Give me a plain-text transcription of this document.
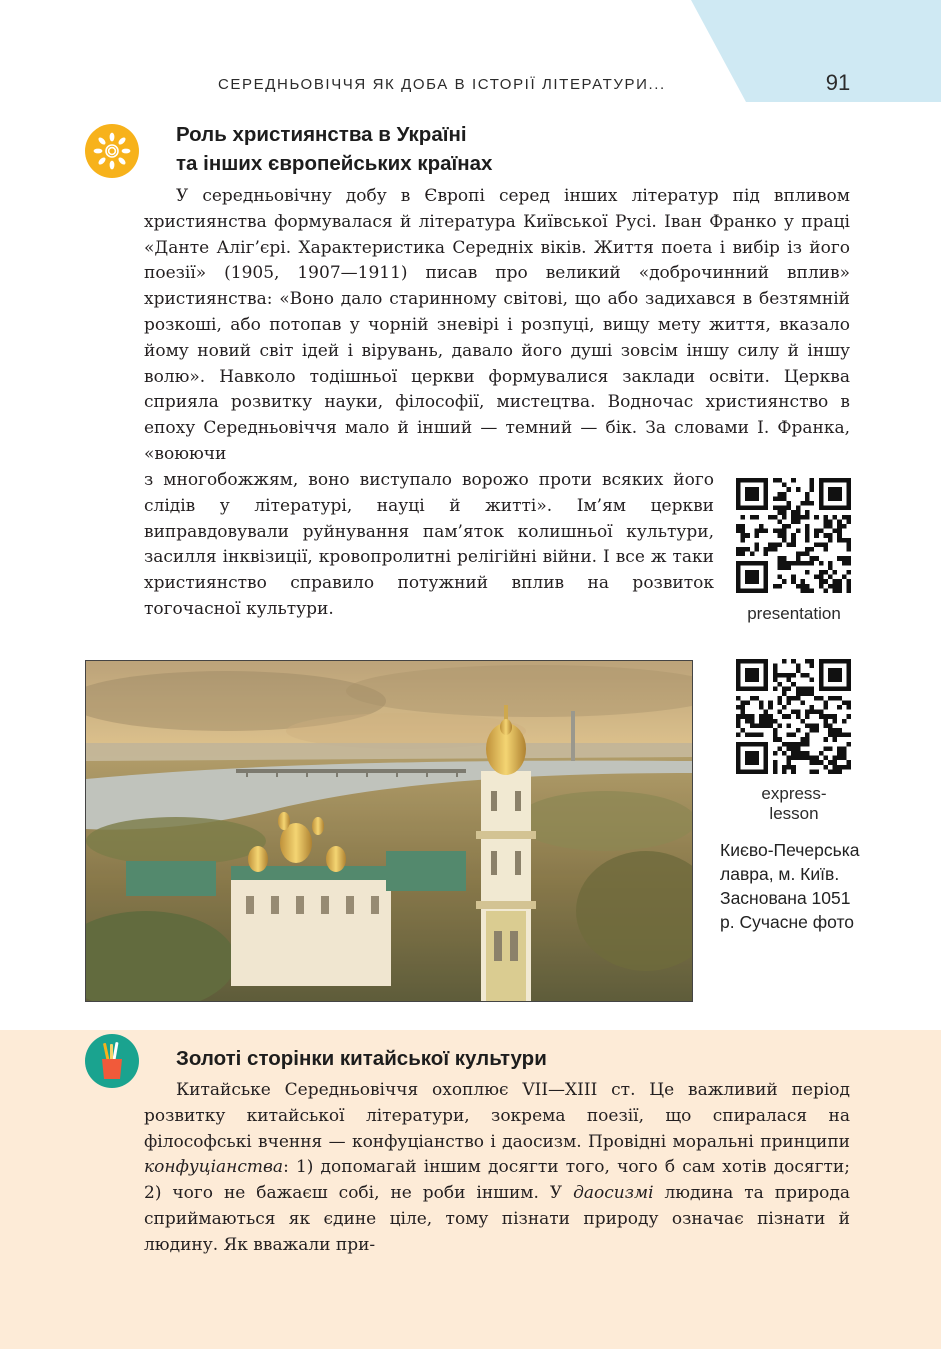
СЕРЕДНЬОВІЧЧЯ ЯК ДОБА В ІСТОРІЇ ЛІТЕРАТУРИ...	91
Роль християнства в Україні
та інших європейських країнах

У середньовічну добу в Європі серед інших літератур під впливом християнства формувалася й література Київської Русі. Іван Франко у праці «Данте Аліг’єрі. Характеристика Середніх віків. Життя поета і вибір із його поезії» (1905, 1907—1911) писав про великий «доброчинний вплив» християнства: «Воно дало старинному світові, що або задихався в безтямній розкоші, або потопав у чорній зневірі і розпуці, вищу мету життя, вказало йому новий світ ідей і вірувань, давало його душі зовсім іншу силу й іншу волю». Навколо тодішньої церкви формувалися заклади освіти. Церква сприяла розвитку науки, філософії, мистецтва. Водночас християнство в епоху Середньовіччя мало й інший — темний — бік. За словами І. Франка, «воюючи

з многобожжям, воно виступало ворожо проти всяких його слідів у літературі, науці й житті». Ім’ям церкви виправдовували руйнування пам’яток колишньої культури, засилля інквізиції, кровопролитні релігійні війни. І все ж таки християнство справило потужний вплив на розвиток тогочасної культури.	presentation
express-lesson
Києво-Печерська лавра, м. Київ. Заснована 1051 р. Сучасне фото
Золоті сторінки китайської культури

Китайське Середньовіччя охоплює VII—XIII ст. Це важливий період розвитку китайської літератури, зокрема поезії, що спиралася на філософські вчення — конфуціанство і даосизм. Провідні моральні принципи конфуціанства: 1) допомагай іншим досягти того, чого б сам хотів досягти; 2) чого не бажаєш собі, не роби іншим. У даосизмі людина та природа сприймаються як єдине ціле, тому пізнати природу означає пізнати й людину. Як вважали при-
